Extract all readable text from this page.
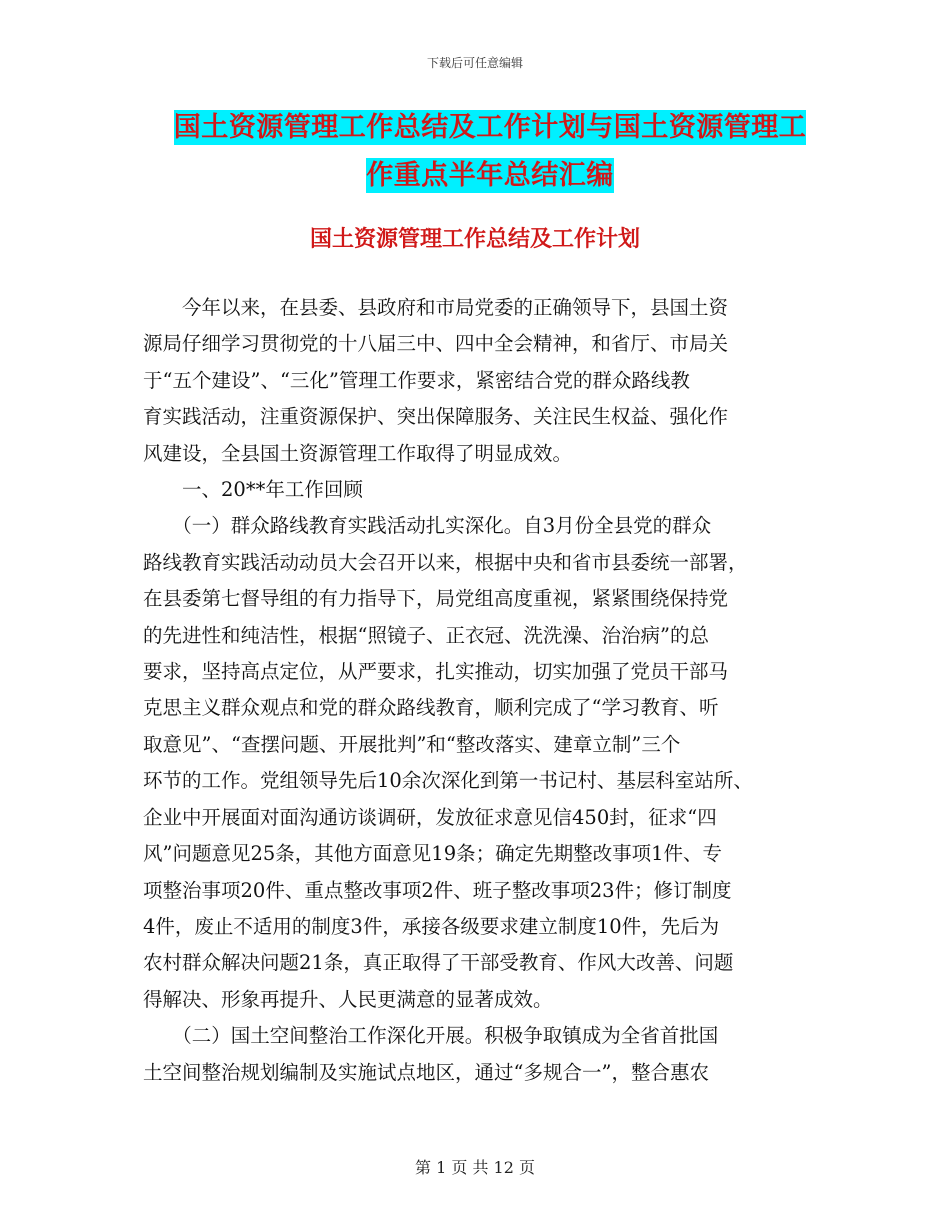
下载后可任意编辑
国土资源管理工作总结及工作计划与国土资源管理工
作重点半年总结汇编
国土资源管理工作总结及工作计划
　　今年以来，在县委、县政府和市局党委的正确领导下，县国土资
源局仔细学习贯彻党的十八届三中、四中全会精神，和省厅、市局关
于“五个建设”、“三化”管理工作要求，紧密结合党的群众路线教
育实践活动，注重资源保护、突出保障服务、关注民生权益、强化作
风建设，全县国土资源管理工作取得了明显成效。
　　一、20**年工作回顾
　　（一）群众路线教育实践活动扎实深化。自3月份全县党的群众
路线教育实践活动动员大会召开以来，根据中央和省市县委统一部署，
在县委第七督导组的有力指导下，局党组高度重视，紧紧围绕保持党
的先进性和纯洁性，根据“照镜子、正衣冠、洗洗澡、治治病”的总
要求，坚持高点定位，从严要求，扎实推动，切实加强了党员干部马
克思主义群众观点和党的群众路线教育，顺利完成了“学习教育、听
取意见”、“查摆问题、开展批判”和“整改落实、建章立制”三个
环节的工作。党组领导先后10余次深化到第一书记村、基层科室站所、
企业中开展面对面沟通访谈调研，发放征求意见信450封，征求“四
风”问题意见25条，其他方面意见19条；确定先期整改事项1件、专
项整治事项20件、重点整改事项2件、班子整改事项23件；修订制度
4件，废止不适用的制度3件，承接各级要求建立制度10件，先后为
农村群众解决问题21条，真正取得了干部受教育、作风大改善、问题
得解决、形象再提升、人民更满意的显著成效。
　　（二）国土空间整治工作深化开展。积极争取镇成为全省首批国
土空间整治规划编制及实施试点地区，通过“多规合一”，整合惠农
第 1 页 共 12 页
